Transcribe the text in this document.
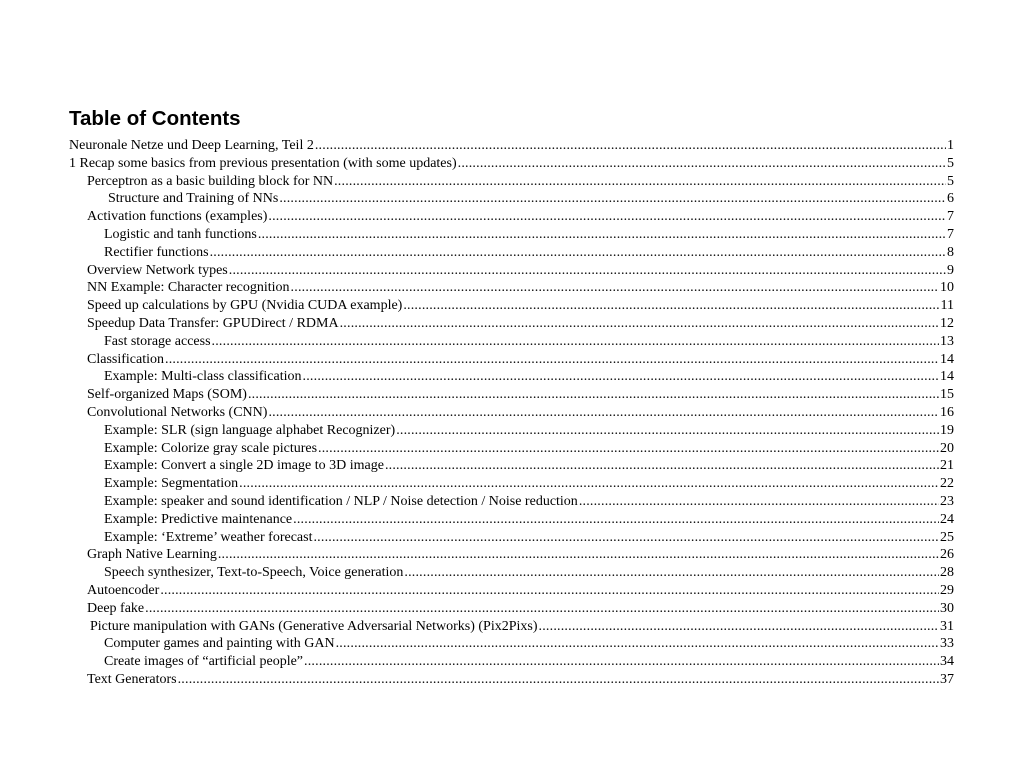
Table of Contents
Neuronale Netze und Deep Learning, Teil 2 .....	1
1 Recap some basics from previous presentation (with some updates) .....	5
Perceptron as a basic building block for NN .....	5
Structure and Training of NNs .....	6
Activation functions (examples) .....	7
Logistic and tanh functions .....	7
Rectifier functions .....	8
Overview Network types .....	9
NN Example: Character recognition .....	10
Speed up calculations by GPU (Nvidia CUDA example) .....	11
Speedup Data Transfer: GPUDirect / RDMA .....	12
Fast storage access .....	13
Classification .....	14
Example: Multi-class classification .....	14
Self-organized Maps (SOM) .....	15
Convolutional Networks (CNN) .....	16
Example: SLR (sign language alphabet Recognizer) .....	19
Example: Colorize gray scale pictures .....	20
Example: Convert a single 2D image to 3D image .....	21
Example: Segmentation .....	22
Example: speaker and sound identification / NLP / Noise detection / Noise reduction .....	23
Example: Predictive maintenance .....	24
Example: ‘Extreme’ weather forecast .....	25
Graph Native Learning .....	26
Speech synthesizer, Text-to-Speech, Voice generation .....	28
Autoencoder .....	29
Deep fake .....	30
Picture manipulation with GANs (Generative Adversarial Networks) (Pix2Pixs) .....	31
Computer games and painting with GAN .....	33
Create images of “artificial people” .....	34
Text Generators .....	37
